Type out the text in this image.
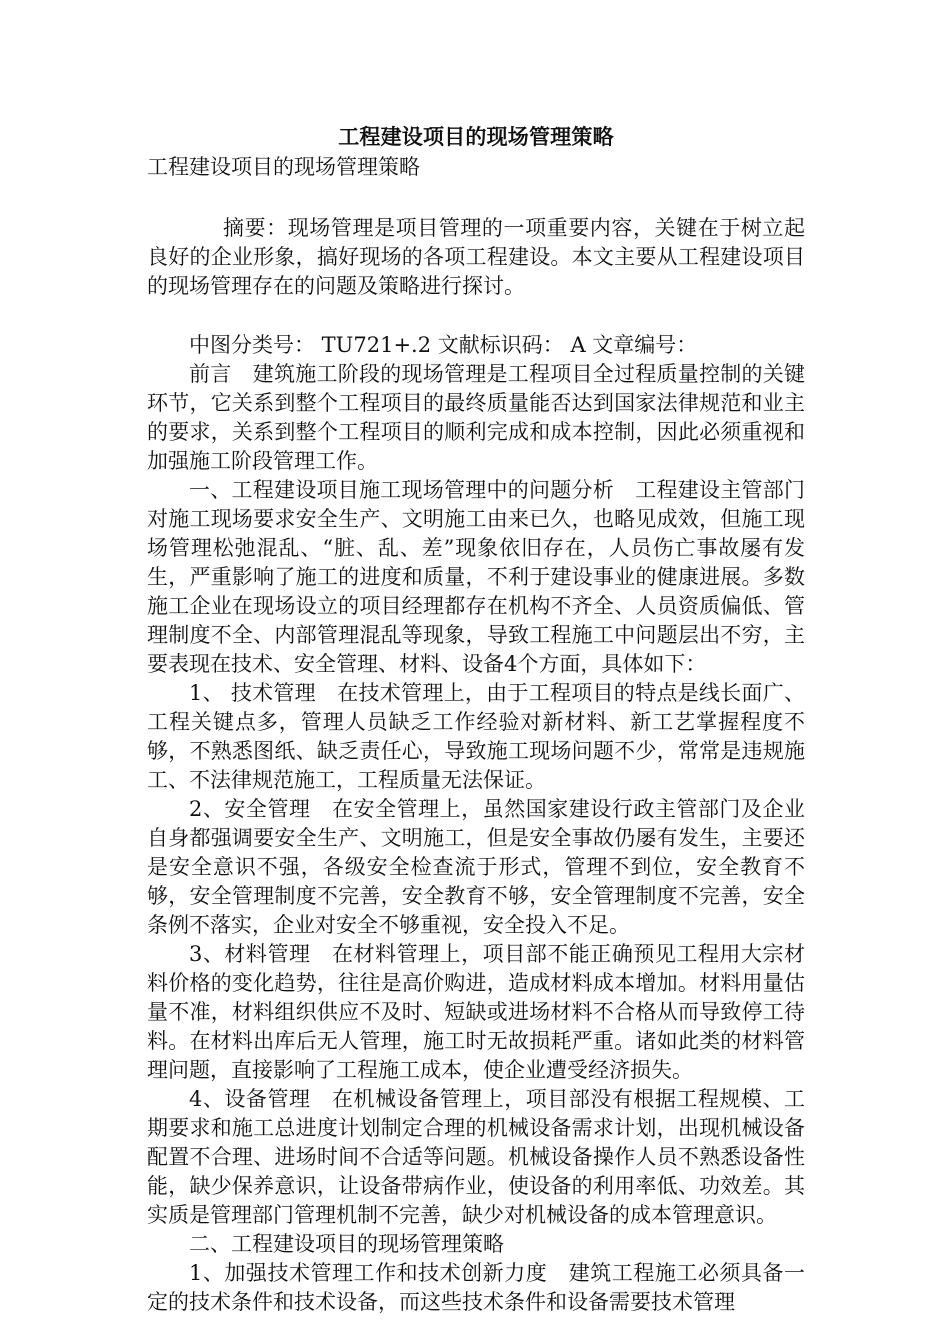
工程建设项目的现场管理策略

工程建设项目的现场管理策略

摘要：现场管理是项目管理的一项重要内容，关键在于树立起良好的企业形象，搞好现场的各项工程建设。本文主要从工程建设项目的现场管理存在的问题及策略进行探讨。

中图分类号： TU721+.2 文献标识码： A 文章编号：

前言　建筑施工阶段的现场管理是工程项目全过程质量控制的关键环节，它关系到整个工程项目的最终质量能否达到国家法律规范和业主的要求，关系到整个工程项目的顺利完成和成本控制，因此必须重视和加强施工阶段管理工作。

一、工程建设项目施工现场管理中的问题分析　工程建设主管部门对施工现场要求安全生产、文明施工由来已久，也略见成效，但施工现场管理松弛混乱、“脏、乱、差”现象依旧存在，人员伤亡事故屡有发生，严重影响了施工的进度和质量，不利于建设事业的健康进展。多数施工企业在现场设立的项目经理都存在机构不齐全、人员资质偏低、管理制度不全、内部管理混乱等现象，导致工程施工中问题层出不穷，主要表现在技术、安全管理、材料、设备4个方面，具体如下：

1、 技术管理　在技术管理上，由于工程项目的特点是线长面广、工程关键点多，管理人员缺乏工作经验对新材料、新工艺掌握程度不够，不熟悉图纸、缺乏责任心，导致施工现场问题不少，常常是违规施工、不法律规范施工，工程质量无法保证。

2、安全管理　在安全管理上，虽然国家建设行政主管部门及企业自身都强调要安全生产、文明施工，但是安全事故仍屡有发生，主要还是安全意识不强，各级安全检查流于形式，管理不到位，安全教育不够，安全管理制度不完善，安全教育不够，安全管理制度不完善，安全条例不落实，企业对安全不够重视，安全投入不足。

3、材料管理　在材料管理上，项目部不能正确预见工程用大宗材料价格的变化趋势，往往是高价购进，造成材料成本增加。材料用量估量不准，材料组织供应不及时、短缺或进场材料不合格从而导致停工待料。在材料出库后无人管理，施工时无故损耗严重。诸如此类的材料管理问题，直接影响了工程施工成本，使企业遭受经济损失。

4、设备管理　在机械设备管理上，项目部没有根据工程规模、工期要求和施工总进度计划制定合理的机械设备需求计划，出现机械设备配置不合理、进场时间不合适等问题。机械设备操作人员不熟悉设备性能，缺少保养意识，让设备带病作业，使设备的利用率低、功效差。其实质是管理部门管理机制不完善，缺少对机械设备的成本管理意识。

二、工程建设项目的现场管理策略

1、加强技术管理工作和技术创新力度　建筑工程施工必须具备一定的技术条件和技术设备，而这些技术条件和设备需要技术管理
